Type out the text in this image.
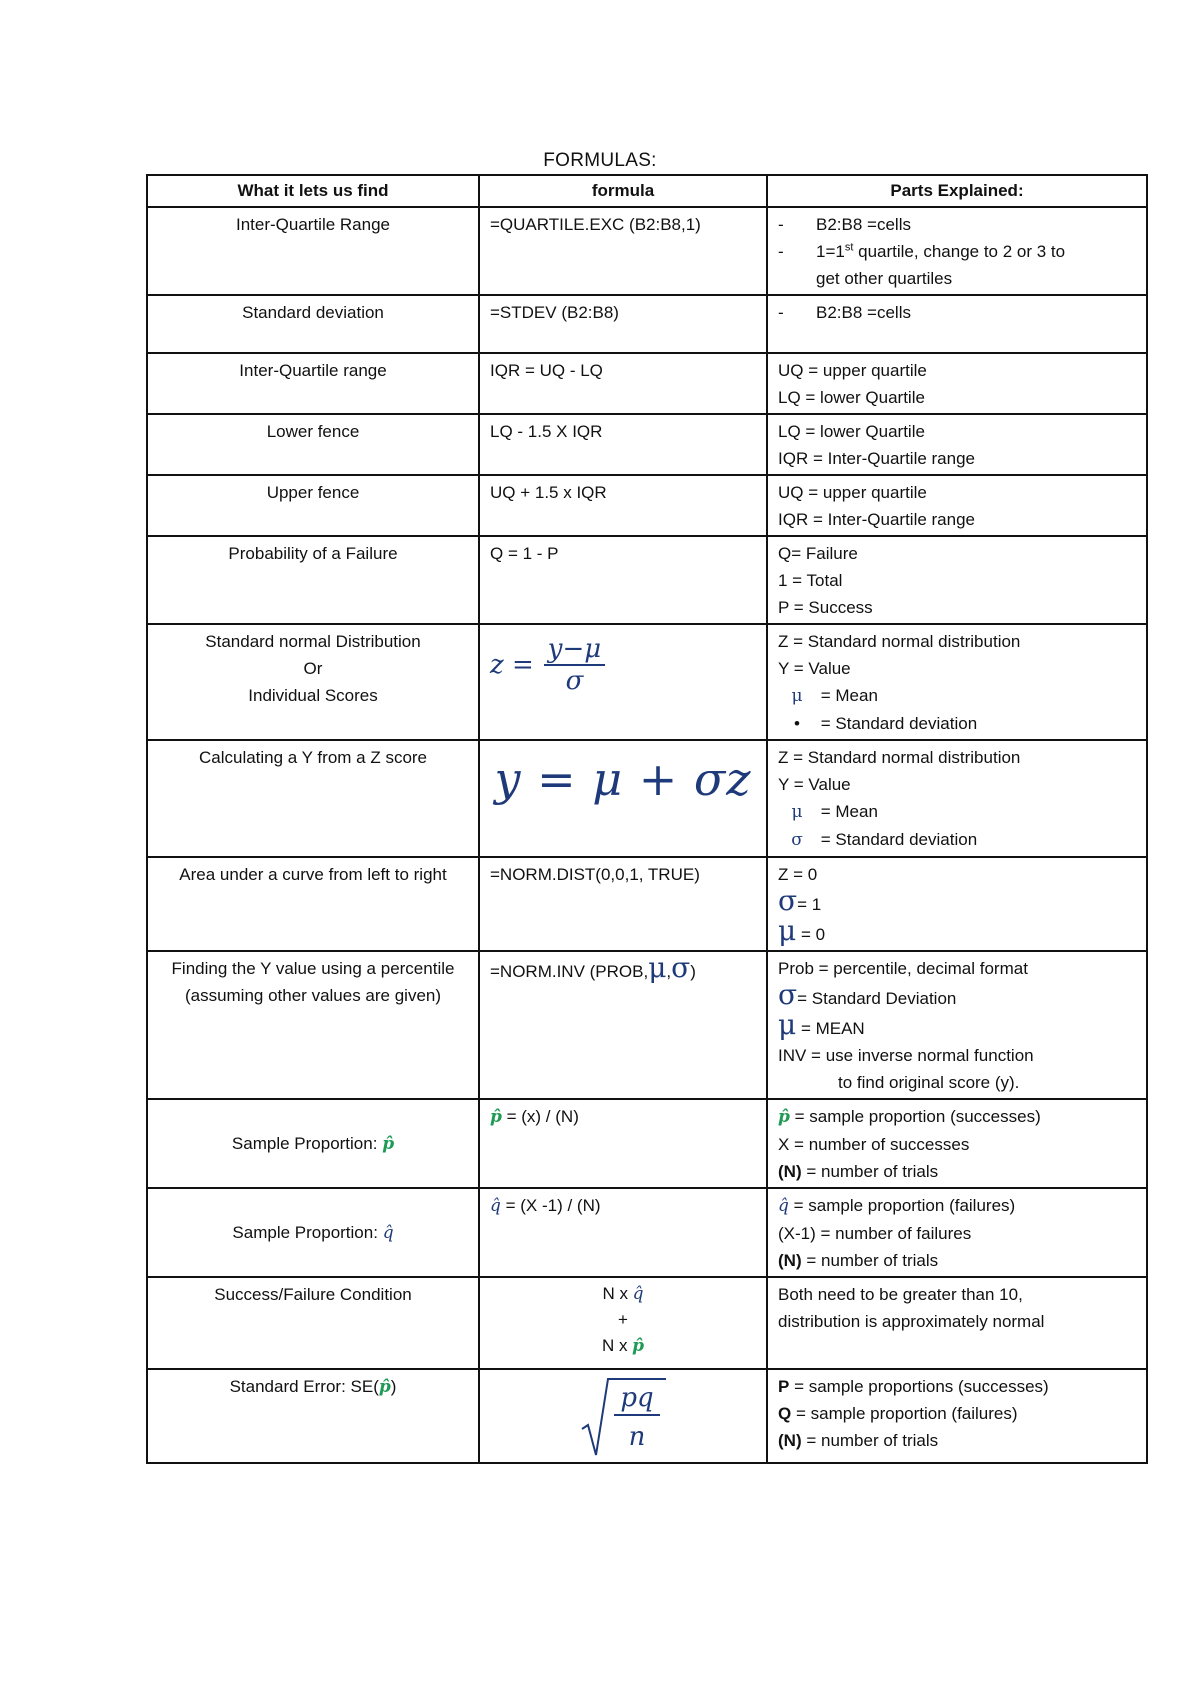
FORMULAS:
What it lets us find	formula	Parts Explained:
Inter-Quartile Range	=QUARTILE.EXC (B2:B8,1)	- B2:B8 =cells
- 1=1st quartile, change to 2 or 3 to
get other quartiles

Standard deviation	=STDEV (B2:B8)	- B2:B8 =cells

Inter-Quartile range	IQR = UQ - LQ	UQ = upper quartile
LQ = lower Quartile

Lower fence	LQ - 1.5 X IQR	LQ = lower Quartile
IQR = Inter-Quartile range

Upper fence	UQ + 1.5 x IQR	UQ = upper quartile
IQR = Inter-Quartile range

Probability of a Failure	Q = 1 - P	Q= Failure
1 = Total
P = Success

Standard normal Distribution
Or
Individual Scores	$z = \frac{y-\mu}{\sigma}$	Z = Standard normal distribution
Y = Value
μ = Mean
• = Standard deviation

Calculating a Y from a Z score	y = μ + σz	Z = Standard normal distribution
Y = Value
μ = Mean
σ = Standard deviation

Area under a curve from left to right	=NORM.DIST(0,0,1, TRUE)	Z = 0
σ= 1
μ = 0

Finding the Y value using a percentile (assuming other values are given)	=NORM.INV (PROB,μ,σ)	Prob = percentile, decimal format
σ= Standard Deviation
μ = MEAN
INV = use inverse normal function
to find original score (y).

Sample Proportion: p̂	p̂ = (x) / (N)	p̂ = sample proportion (successes)
X = number of successes
(N) = number of trials

Sample Proportion: q̂	q̂ = (X -1) / (N)	q̂ = sample proportion (failures)
(X-1) = number of failures
(N) = number of trials

Success/Failure Condition	N x q̂
+
N x p̂	Both need to be greater than 10,
distribution is approximately normal

Standard Error: SE(p̂)	pq
n	P = sample proportions (successes)
Q = sample proportion (failures)
(N) = number of trials
